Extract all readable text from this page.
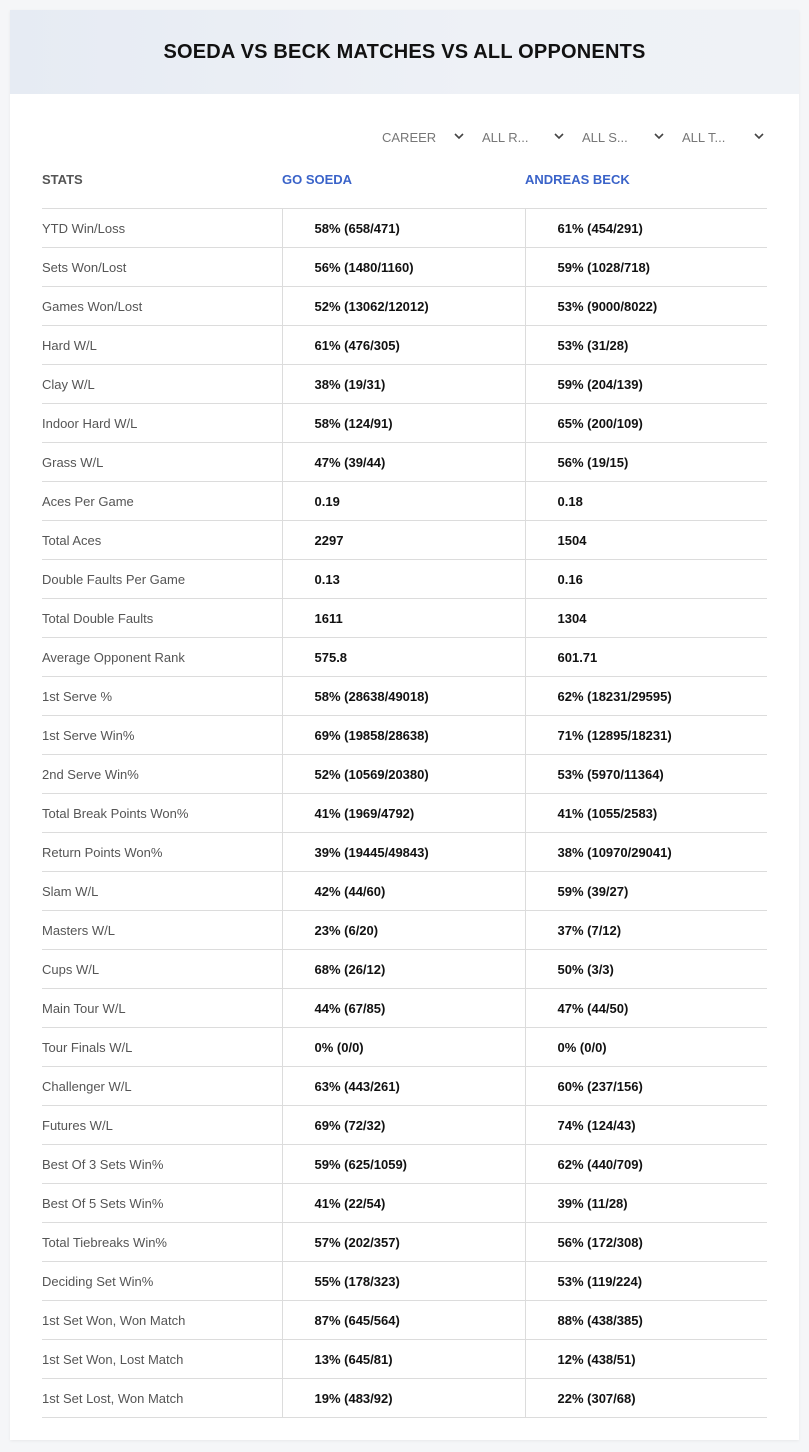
SOEDA VS BECK MATCHES VS ALL OPPONENTS
CAREER	ALL R...	ALL S...	ALL T...
STATS	GO SOEDA	ANDREAS BECK
YTD Win/Loss	58% (658/471)	61% (454/291)
Sets Won/Lost	56% (1480/1160)	59% (1028/718)
Games Won/Lost	52% (13062/12012)	53% (9000/8022)
Hard W/L	61% (476/305)	53% (31/28)
Clay W/L	38% (19/31)	59% (204/139)
Indoor Hard W/L	58% (124/91)	65% (200/109)
Grass W/L	47% (39/44)	56% (19/15)
Aces Per Game	0.19	0.18
Total Aces	2297	1504
Double Faults Per Game	0.13	0.16
Total Double Faults	1611	1304
Average Opponent Rank	575.8	601.71
1st Serve %	58% (28638/49018)	62% (18231/29595)
1st Serve Win%	69% (19858/28638)	71% (12895/18231)
2nd Serve Win%	52% (10569/20380)	53% (5970/11364)
Total Break Points Won%	41% (1969/4792)	41% (1055/2583)
Return Points Won%	39% (19445/49843)	38% (10970/29041)
Slam W/L	42% (44/60)	59% (39/27)
Masters W/L	23% (6/20)	37% (7/12)
Cups W/L	68% (26/12)	50% (3/3)
Main Tour W/L	44% (67/85)	47% (44/50)
Tour Finals W/L	0% (0/0)	0% (0/0)
Challenger W/L	63% (443/261)	60% (237/156)
Futures W/L	69% (72/32)	74% (124/43)
Best Of 3 Sets Win%	59% (625/1059)	62% (440/709)
Best Of 5 Sets Win%	41% (22/54)	39% (11/28)
Total Tiebreaks Win%	57% (202/357)	56% (172/308)
Deciding Set Win%	55% (178/323)	53% (119/224)
1st Set Won, Won Match	87% (645/564)	88% (438/385)
1st Set Won, Lost Match	13% (645/81)	12% (438/51)
1st Set Lost, Won Match	19% (483/92)	22% (307/68)
